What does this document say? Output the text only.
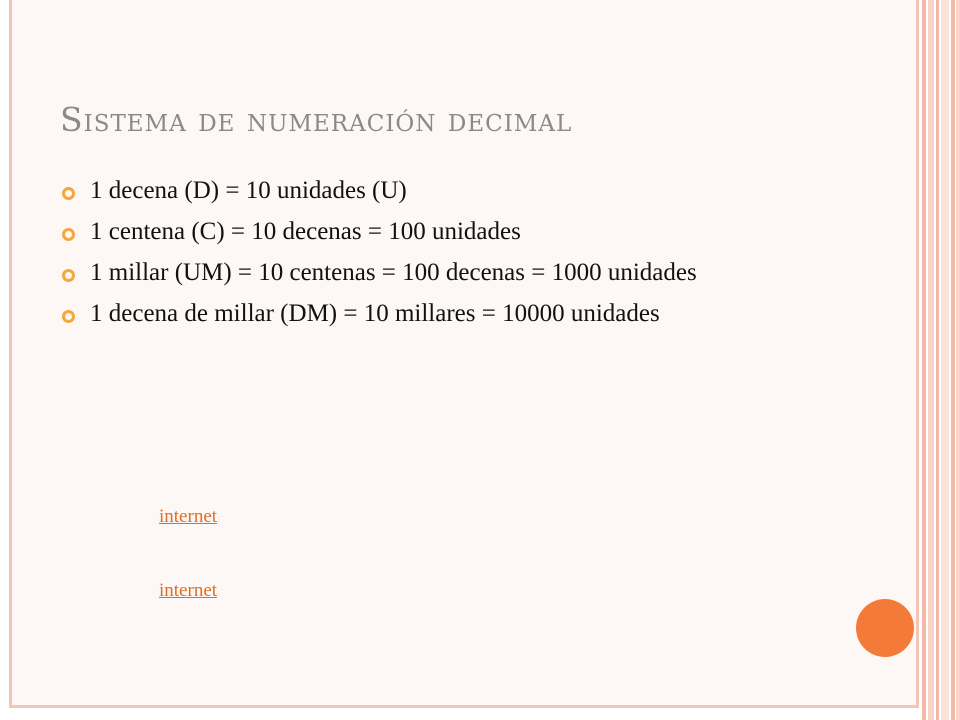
Sistema de numeración decimal
1 decena (D) = 10 unidades (U)
1 centena (C) = 10 decenas = 100 unidades
1 millar (UM) = 10 centenas = 100 decenas = 1000 unidades
1 decena de millar (DM) = 10 millares = 10000 unidades
internet
internet
